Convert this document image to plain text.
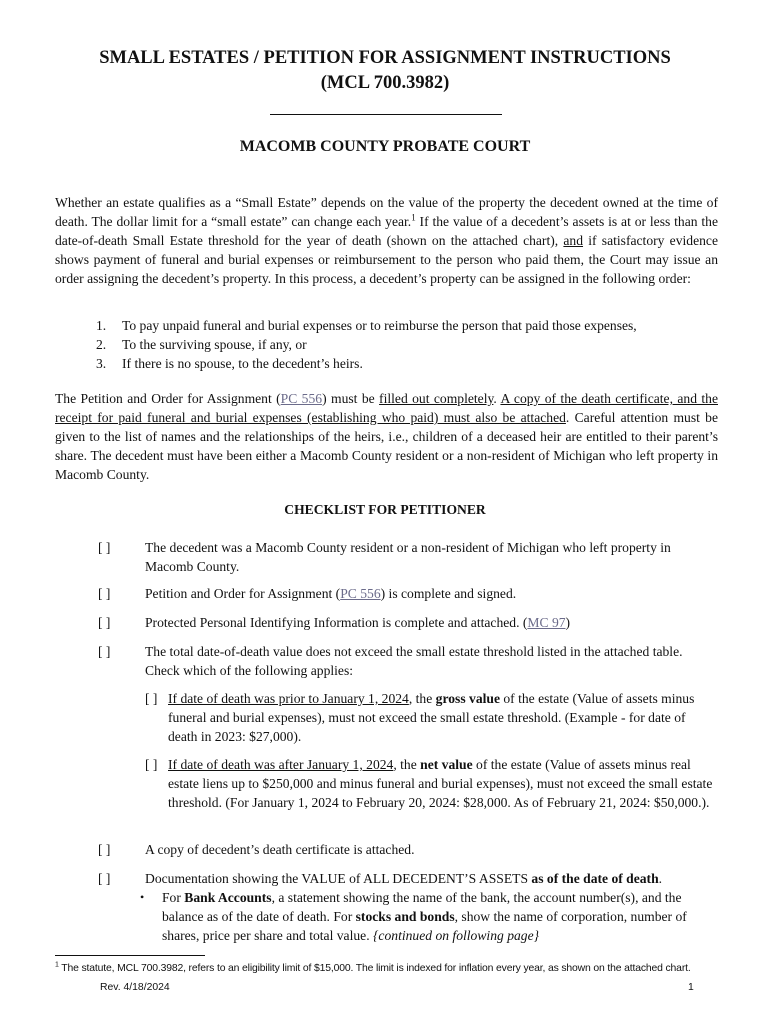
SMALL ESTATES / PETITION FOR ASSIGNMENT INSTRUCTIONS
(MCL 700.3982)
MACOMB COUNTY PROBATE COURT

Whether an estate qualifies as a “Small Estate” depends on the value of the property the decedent owned at the time of death. The dollar limit for a “small estate” can change each year.$^1$ If the value of a decedent’s assets is at or less than the date-of-death Small Estate threshold for the year of death (shown on the attached chart), and if satisfactory evidence shows payment of funeral and burial expenses or reimbursement to the person who paid them, the Court may issue an order assigning the decedent’s property. In this process, a decedent’s property can be assigned in the following order:

1.	To pay unpaid funeral and burial expenses or to reimburse the person that paid those expenses,
2.	To the surviving spouse, if any, or
3.	If there is no spouse, to the decedent’s heirs.

The Petition and Order for Assignment (PC 556) must be filled out completely. A copy of the death certificate, and the receipt for paid funeral and burial expenses (establishing who paid) must also be attached. Careful attention must be given to the list of names and the relationships of the heirs, i.e., children of a deceased heir are entitled to their parent’s share. The decedent must have been either a Macomb County resident or a non-resident of Michigan who left property in Macomb County.

CHECKLIST FOR PETITIONER
[ ]	The decedent was a Macomb County resident or a non-resident of Michigan who left property in Macomb County.
[ ]	Petition and Order for Assignment (PC 556) is complete and signed.
[ ]	Protected Personal Identifying Information is complete and attached. (MC 97)
[ ]	The total date-of-death value does not exceed the small estate threshold listed in the attached table. Check which of the following applies:
[ ] If date of death was prior to January 1, 2024, the gross value of the estate (Value of assets minus funeral and burial expenses), must not exceed the small estate threshold. (Example - for date of death in 2023: $27,000).
[ ] If date of death was after January 1, 2024, the net value of the estate (Value of assets minus real estate liens up to $250,000 and minus funeral and burial expenses), must not exceed the small estate threshold. (For January 1, 2024 to February 20, 2024: $28,000. As of February 21, 2024: $50,000.).
[ ]	A copy of decedent’s death certificate is attached.
[ ]	Documentation showing the VALUE of ALL DECEDENT’S ASSETS as of the date of death.
•	For Bank Accounts, a statement showing the name of the bank, the account number(s), and the balance as of the date of death. For stocks and bonds, show the name of corporation, number of shares, price per share and total value. {continued on following page}
$^1$ The statute, MCL 700.3982, refers to an eligibility limit of $15,000. The limit is indexed for inflation every year, as shown on the attached chart.
Rev. 4/18/2024	1
